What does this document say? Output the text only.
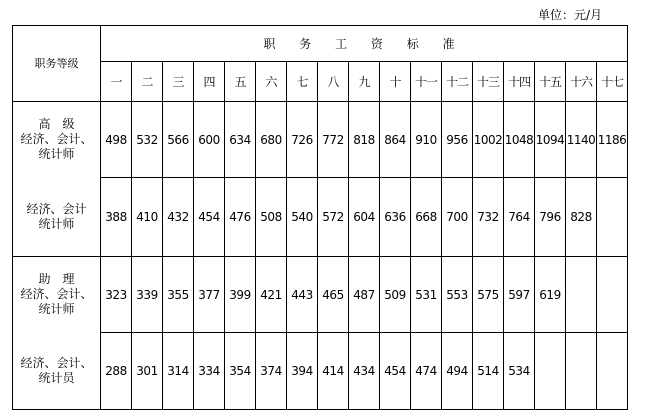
单位：元/月
职务等级	职 务 工 资 标 准																
	一	二	三	四	五	六	七	八	九	十	十一	十二	十三	十四	十五	十六	十七

高　级
经济、会计、
统计师	498	532	566	600	634	680	726	772	818	864	910	956	1002	1048	1094	1140	1186

经济、会计
统计师	388	410	432	454	476	508	540	572	604	636	668	700	732	764	796	828	

助　理
经济、会计、
统计师	323	339	355	377	399	421	443	465	487	509	531	553	575	597	619		

经济、会计、
统计员	288	301	314	334	354	374	394	414	434	454	474	494	514	534			
